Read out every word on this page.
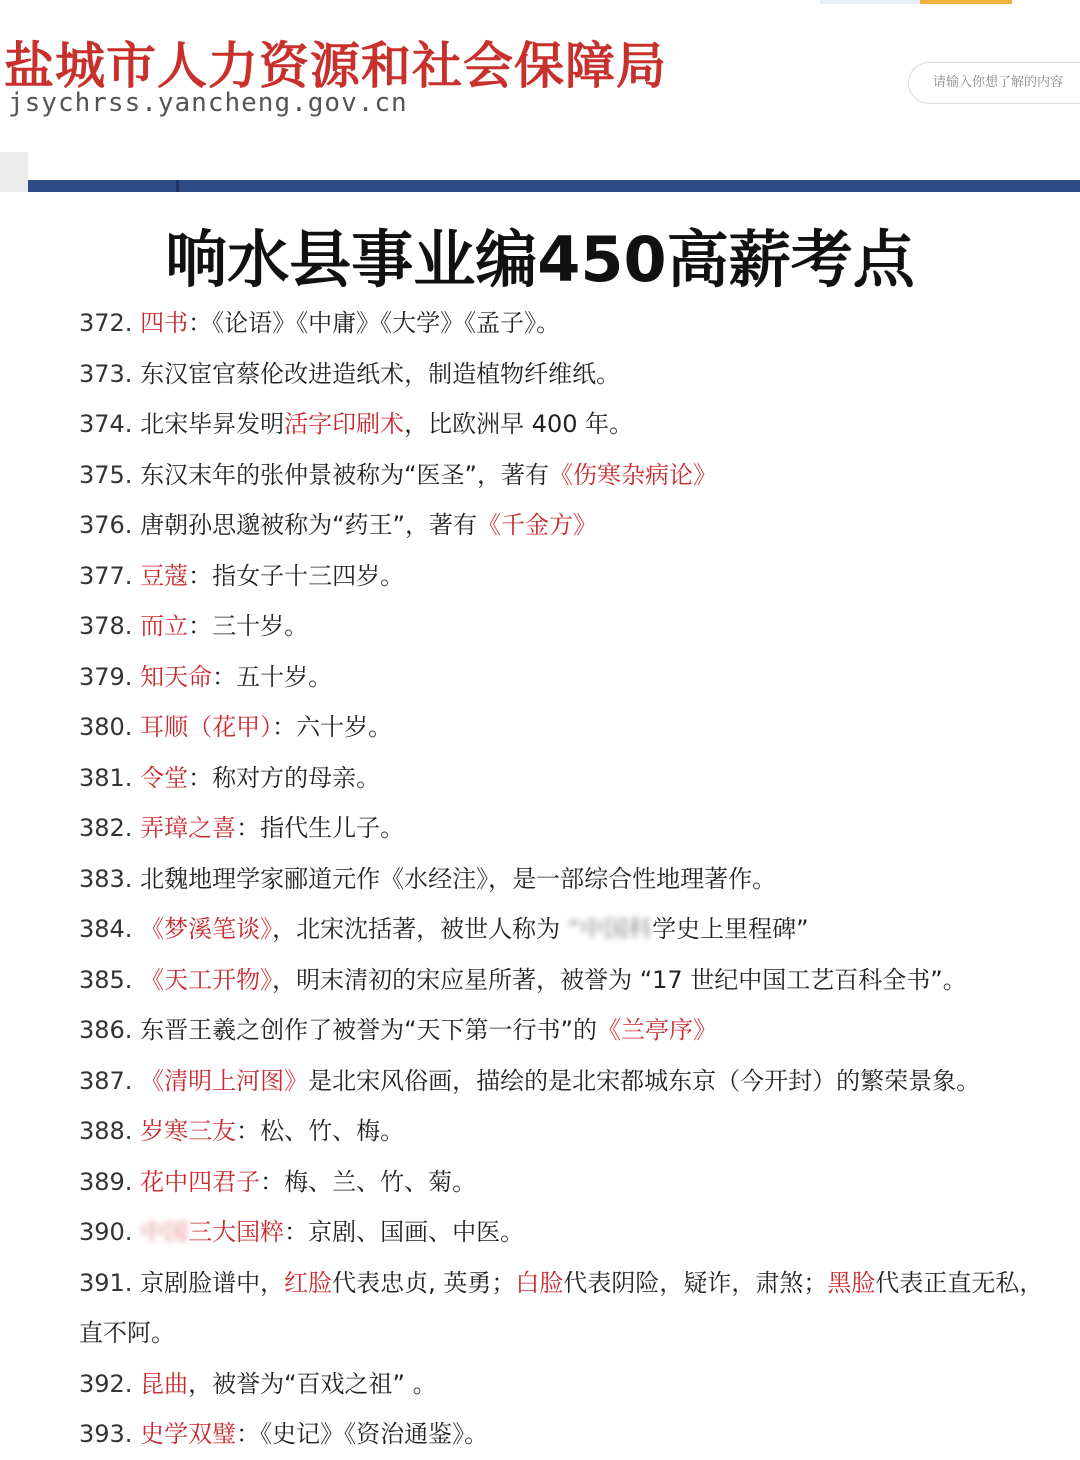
盐城市人力资源和社会保障局
jsychrss.yancheng.gov.cn
请输入你想了解的内容
响水县事业编450高薪考点
372. 四书：《论语》《中庸》《大学》《孟子》。
373. 东汉宦官蔡伦改进造纸术，制造植物纤维纸。
374. 北宋毕昇发明活字印刷术，比欧洲早 400 年。
375. 东汉末年的张仲景被称为“医圣”，著有《伤寒杂病论》
376. 唐朝孙思邈被称为“药王”，著有《千金方》
377. 豆蔻：指女子十三四岁。
378. 而立：三十岁。
379. 知天命：五十岁。
380. 耳顺（花甲）：六十岁。
381. 令堂：称对方的母亲。
382. 弄璋之喜：指代生儿子。
383. 北魏地理学家郦道元作《水经注》，是一部综合性地理著作。
384. 《梦溪笔谈》，北宋沈括著，被世人称为 “中国科学史上里程碑”
385. 《天工开物》，明末清初的宋应星所著，被誉为 “17 世纪中国工艺百科全书”。
386. 东晋王羲之创作了被誉为“天下第一行书”的《兰亭序》
387. 《清明上河图》是北宋风俗画，描绘的是北宋都城东京（今开封）的繁荣景象。
388. 岁寒三友：松、竹、梅。
389. 花中四君子：梅、兰、竹、菊。
390. 中国三大国粹：京剧、国画、中医。
391. 京剧脸谱中，红脸代表忠贞, 英勇；白脸代表阴险，疑诈，肃煞；黑脸代表正直无私，
直不阿。
392. 昆曲，被誉为“百戏之祖” 。
393. 史学双璧：《史记》《资治通鉴》。
